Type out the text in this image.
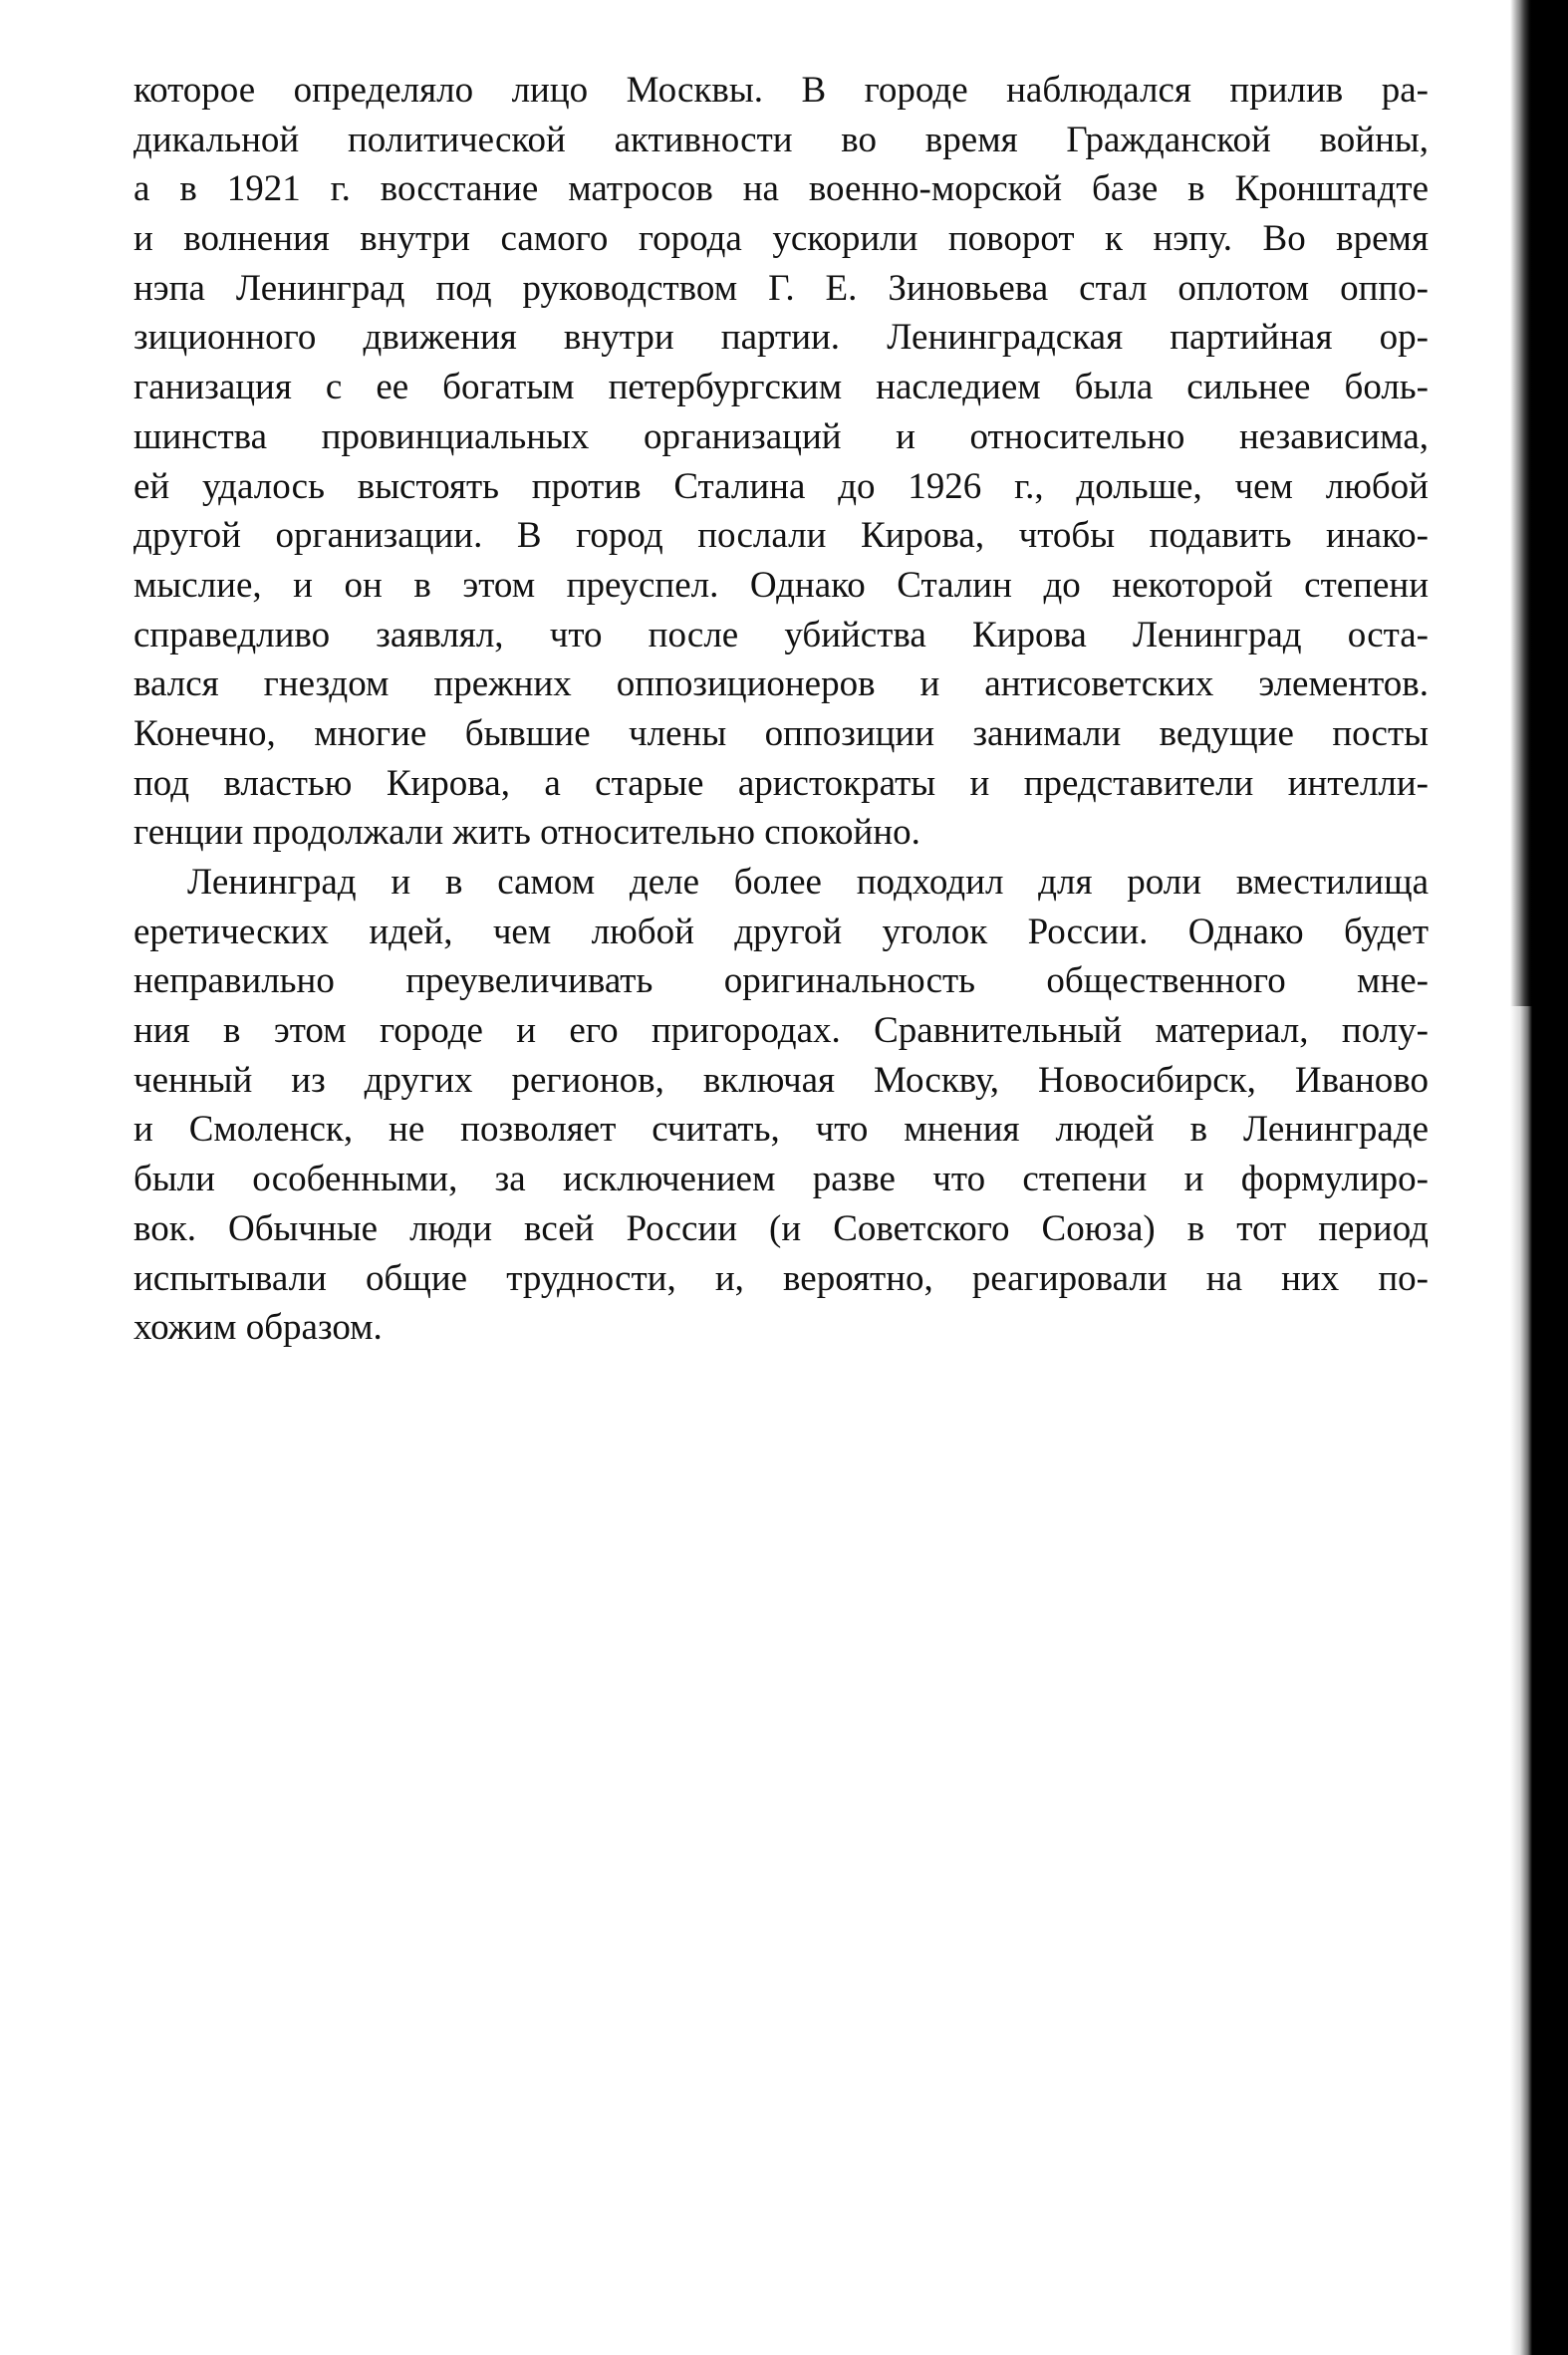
которое определяло лицо Москвы. В городе наблюдался прилив ра-
дикальной политической активности во время Гражданской войны,
а в 1921 г. восстание матросов на военно-морской базе в Кронштадте
и волнения внутри самого города ускорили поворот к нэпу. Во время
нэпа Ленинград под руководством Г. Е. Зиновьева стал оплотом оппо-
зиционного движения внутри партии. Ленинградская партийная ор-
ганизация с ее богатым петербургским наследием была сильнее боль-
шинства провинциальных организаций и относительно независима,
ей удалось выстоять против Сталина до 1926 г., дольше, чем любой
другой организации. В город послали Кирова, чтобы подавить инако-
мыслие, и он в этом преуспел. Однако Сталин до некоторой степени
справедливо заявлял, что после убийства Кирова Ленинград оста-
вался гнездом прежних оппозиционеров и антисоветских элементов.
Конечно, многие бывшие члены оппозиции занимали ведущие посты
под властью Кирова, а старые аристократы и представители интелли-
генции продолжали жить относительно спокойно.
Ленинград и в самом деле более подходил для роли вместилища
еретических идей, чем любой другой уголок России. Однако будет
неправильно преувеличивать оригинальность общественного мне-
ния в этом городе и его пригородах. Сравнительный материал, полу-
ченный из других регионов, включая Москву, Новосибирск, Иваново
и Смоленск, не позволяет считать, что мнения людей в Ленинграде
были особенными, за исключением разве что степени и формулиро-
вок. Обычные люди всей России (и Советского Союза) в тот период
испытывали общие трудности, и, вероятно, реагировали на них по-
хожим образом.
